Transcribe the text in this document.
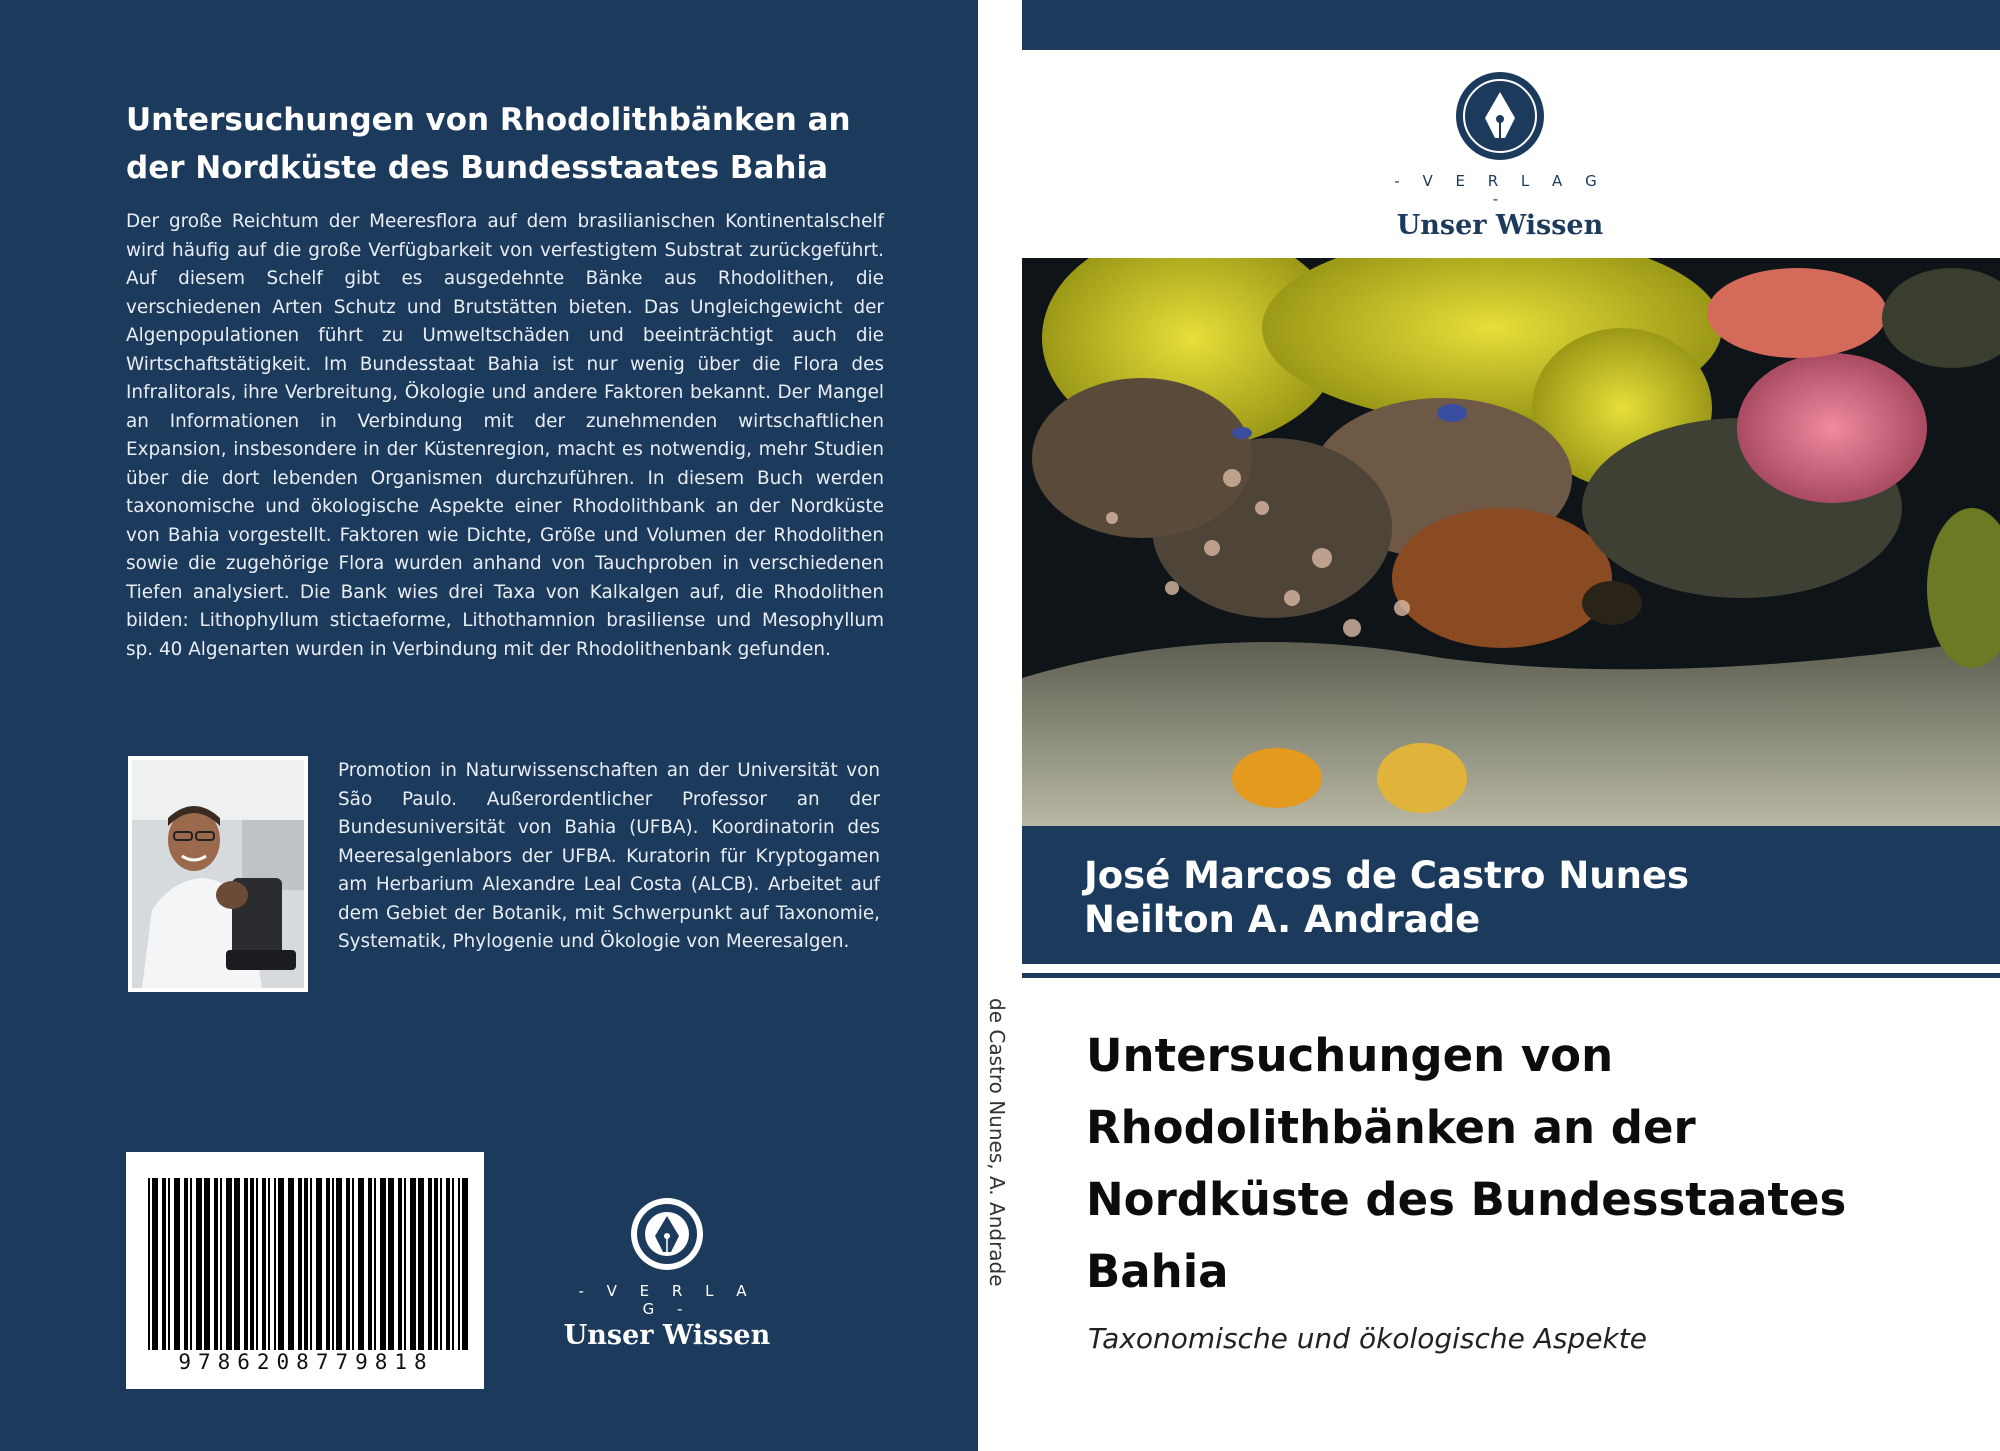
Untersuchungen von Rhodolithbänken an der Nordküste des Bundesstaates Bahia
Der große Reichtum der Meeresflora auf dem brasilianischen Kontinentalschelf wird häufig auf die große Verfügbarkeit von verfestigtem Substrat zurückgeführt. Auf diesem Schelf gibt es ausgedehnte Bänke aus Rhodolithen, die verschiedenen Arten Schutz und Brutstätten bieten. Das Ungleichgewicht der Algenpopulationen führt zu Umweltschäden und beeinträchtigt auch die Wirtschaftstätigkeit. Im Bundesstaat Bahia ist nur wenig über die Flora des Infralitorals, ihre Verbreitung, Ökologie und andere Faktoren bekannt. Der Mangel an Informationen in Verbindung mit der zunehmenden wirtschaftlichen Expansion, insbesondere in der Küstenregion, macht es notwendig, mehr Studien über die dort lebenden Organismen durchzuführen. In diesem Buch werden taxonomische und ökologische Aspekte einer Rhodolithbank an der Nordküste von Bahia vorgestellt. Faktoren wie Dichte, Größe und Volumen der Rhodolithen sowie die zugehörige Flora wurden anhand von Tauchproben in verschiedenen Tiefen analysiert. Die Bank wies drei Taxa von Kalkalgen auf, die Rhodolithen bilden: Lithophyllum stictaeforme, Lithothamnion brasiliense und Mesophyllum sp. 40 Algenarten wurden in Verbindung mit der Rhodolithenbank gefunden.
Promotion in Naturwissenschaften an der Universität von São Paulo. Außerordentlicher Professor an der Bundesuniversität von Bahia (UFBA). Koordinatorin des Meeresalgenlabors der UFBA. Kuratorin für Kryptogamen am Herbarium Alexandre Leal Costa (ALCB). Arbeitet auf dem Gebiet der Botanik, mit Schwerpunkt auf Taxonomie, Systematik, Phylogenie und Ökologie von Meeresalgen.
9786208779818
- V E R L A G -
Unser Wissen
de Castro Nunes, A. Andrade
- V E R L A G -
Unser Wissen
José Marcos de Castro Nunes
Neilton A. Andrade
Untersuchungen von Rhodolithbänken an der Nordküste des Bundesstaates Bahia
Taxonomische und ökologische Aspekte
